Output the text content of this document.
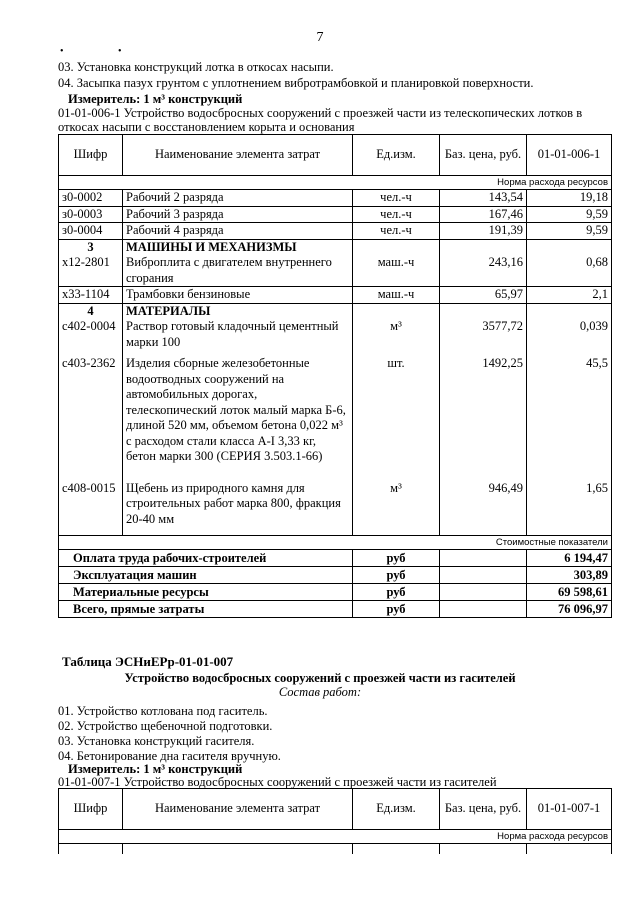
7
• •
03. Установка конструкций лотка в откосах насыпи.
04. Засыпка пазух грунтом с уплотнением вибротрамбовкой и планировкой поверхности.
Измеритель: 1 м³ конструкций
01-01-006-1 Устройство водосбросных сооружений с проезжей части из телескопических лотков в
откосах насыпи с восстановлением корыта и основания
Шифр	Наименование элемента затрат	Ед.изм.	Баз. цена, руб.	01-01-006-1
Норма расхода ресурсов				
з0-0002	Рабочий 2 разряда	чел.-ч	143,54	19,18
з0-0003	Рабочий 3 разряда	чел.-ч	167,46	9,59
з0-0004	Рабочий 4 разряда	чел.-ч	191,39	9,59
3	МАШИНЫ И МЕХАНИЗМЫ			
х12-2801	Виброплита с двигателем внутреннего сгорания	маш.-ч	243,16	0,68
х33-1104	Трамбовки бензиновые	маш.-ч	65,97	2,1
4	МАТЕРИАЛЫ			
с402-0004	Раствор готовый кладочный цементный марки 100	м³	3577,72	0,039
с403-2362	Изделия сборные железобетонные водоотводных сооружений на автомобильных дорогах, телескопический лоток малый марка Б-6, длиной 520 мм, объемом бетона 0,022 м³ с расходом стали класса А-I 3,33 кг, бетон марки 300 (СЕРИЯ 3.503.1-66)	шт.	1492,25	45,5
с408-0015	Щебень из природного камня для строительных работ марка 800, фракция 20-40 мм	м³	946,49	1,65
Стоимостные показатели				
Оплата труда рабочих-строителей		руб		6 194,47
Эксплуатация машин		руб		303,89
Материальные ресурсы		руб		69 598,61
Всего, прямые затраты		руб		76 096,97
Таблица ЭСНиЕРр-01-01-007
Устройство водосбросных сооружений с проезжей части из гасителей
Состав работ:
01. Устройство котлована под гаситель.
02. Устройство щебеночной подготовки.
03. Установка конструкций гасителя.
04. Бетонирование дна гасителя вручную.
Измеритель: 1 м³ конструкций
01-01-007-1 Устройство водосбросных сооружений с проезжей части из гасителей
Шифр	Наименование элемента затрат	Ед.изм.	Баз. цена, руб.	01-01-007-1
Норма расхода ресурсов				
